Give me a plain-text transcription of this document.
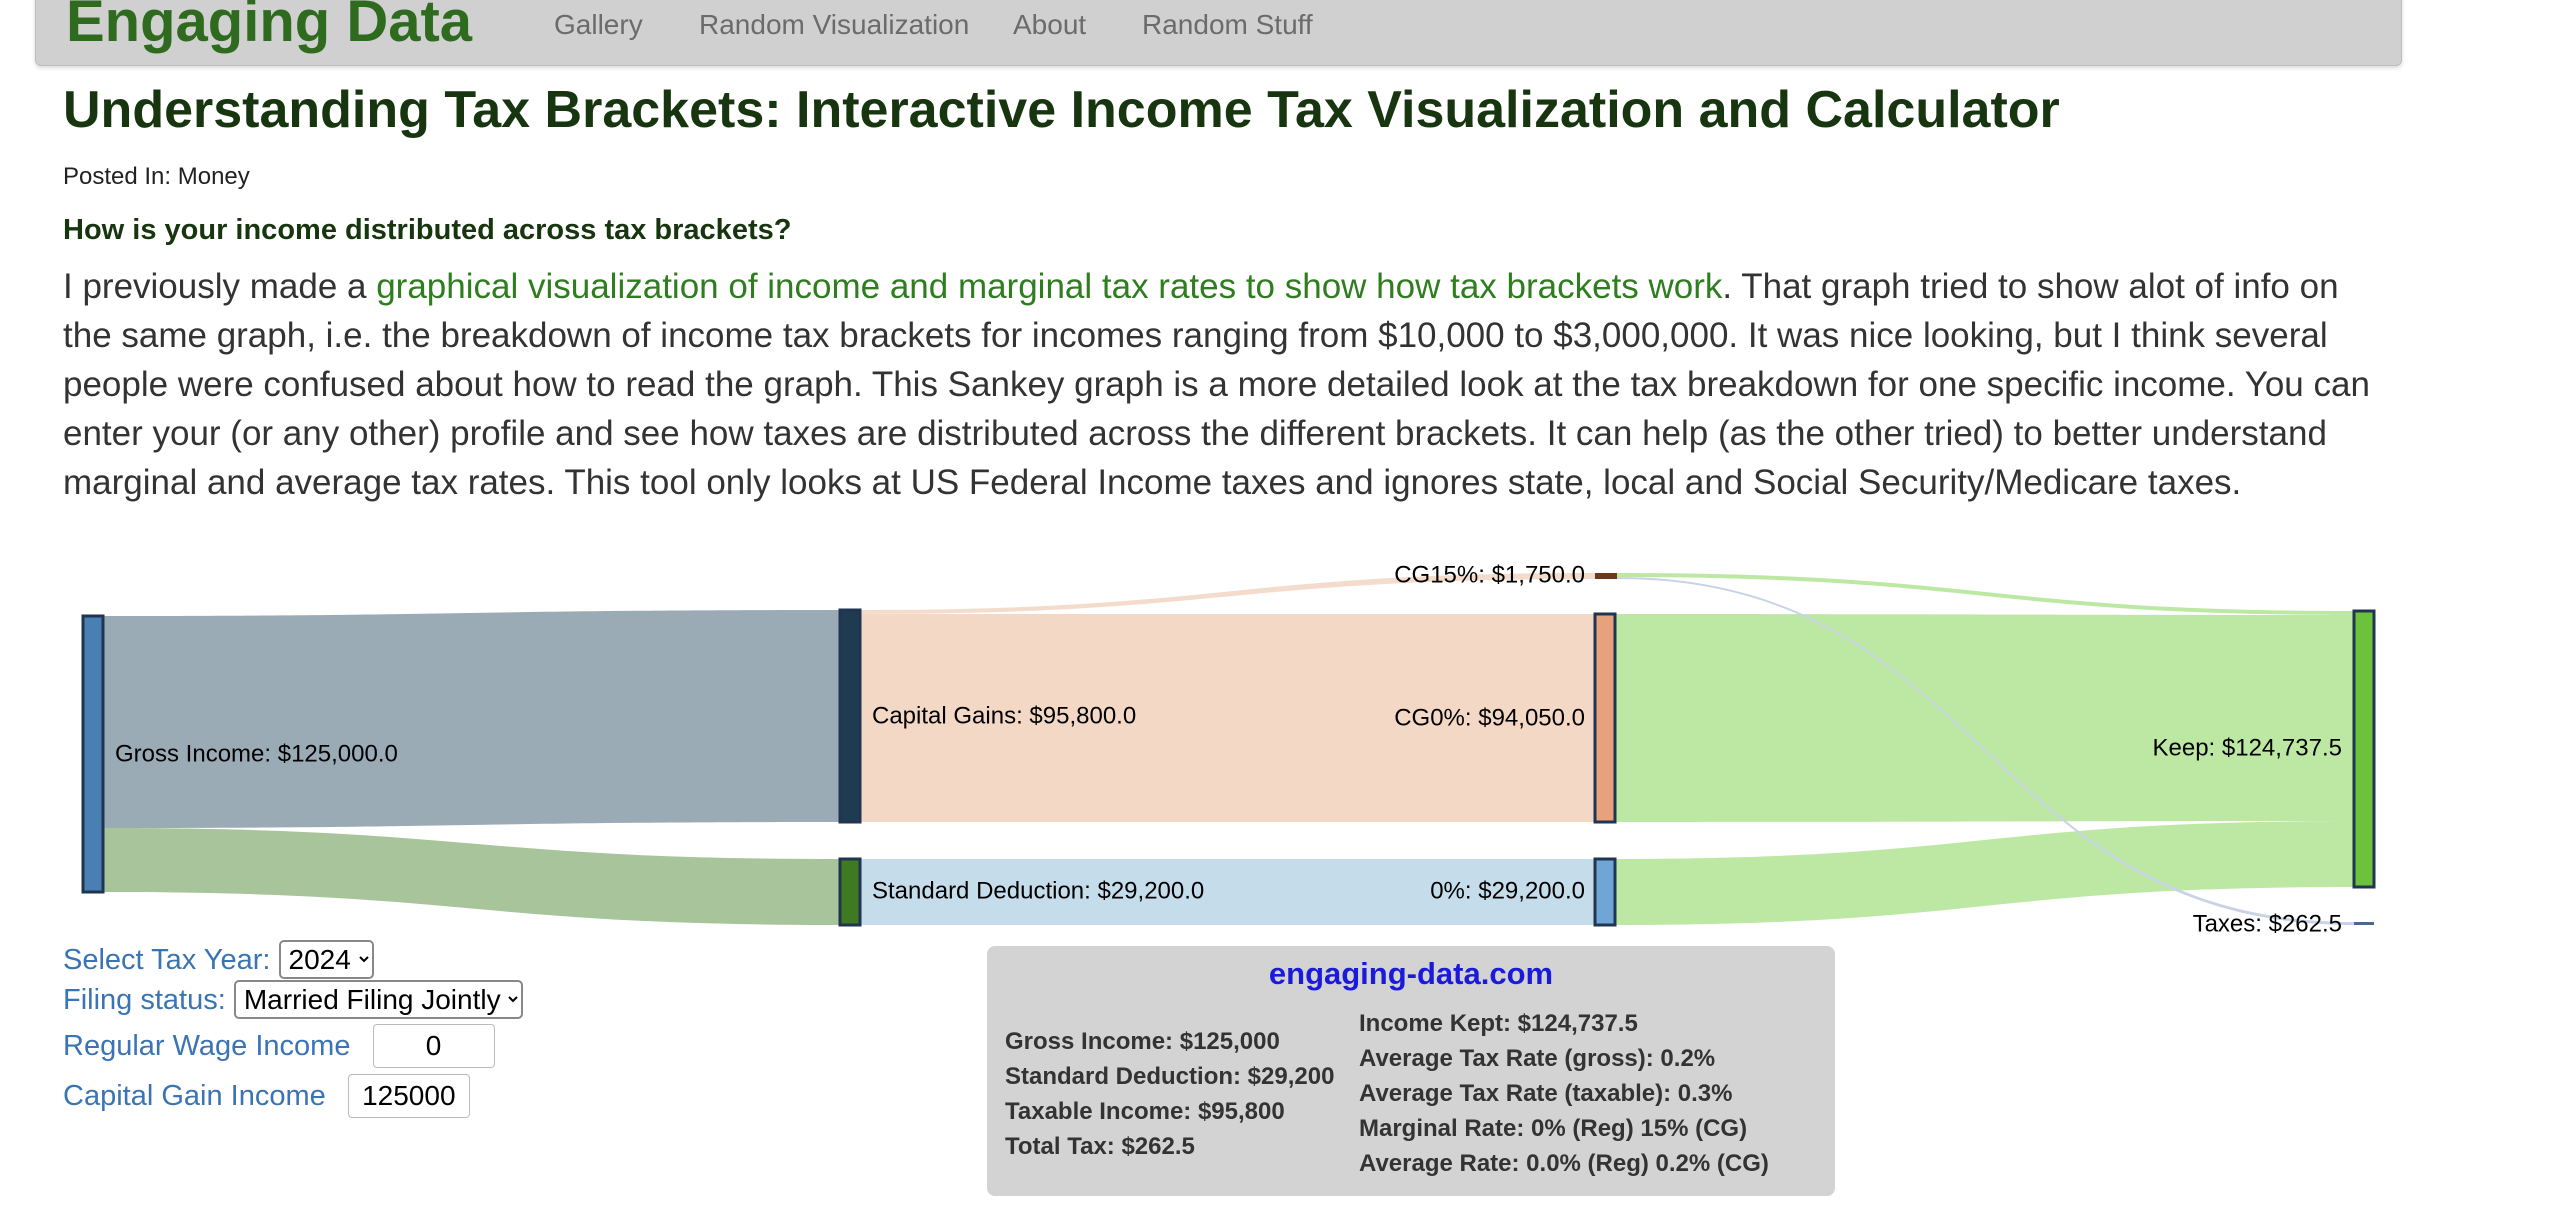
Engaging Data	Gallery Random Visualization About Random Stuff
Understanding Tax Brackets: Interactive Income Tax Visualization and Calculator
Posted In: Money
How is your income distributed across tax brackets?

I previously made a graphical visualization of income and marginal tax rates to show how tax brackets work. That graph tried to show alot of info on the same graph, i.e. the breakdown of income tax brackets for incomes ranging from $10,000 to $3,000,000. It was nice looking, but I think several people were confused about how to read the graph. This Sankey graph is a more detailed look at the tax breakdown for one specific income. You can enter your (or any other) profile and see how taxes are distributed across the different brackets. It can help (as the other tried) to better understand marginal and average tax rates. This tool only looks at US Federal Income taxes and ignores state, local and Social Security/Medicare taxes.

Gross Income: $125,000.0
Capital Gains: $95,800.0
Standard Deduction: $29,200.0
CG15%: $1,750.0
CG0%: $94,050.0
0%: $29,200.0
Keep: $124,737.5
Taxes: $262.5
Select Tax Year:
2024
Filing status:
Married Filing Jointly
Regular Wage Income 0
Capital Gain Income 125000
engaging-data.com
Gross Income: $125,000
Standard Deduction: $29,200
Taxable Income: $95,800
Total Tax: $262.5
Income Kept: $124,737.5
Average Tax Rate (gross): 0.2%
Average Tax Rate (taxable): 0.3%
Marginal Rate: 0% (Reg) 15% (CG)
Average Rate: 0.0% (Reg) 0.2% (CG)
